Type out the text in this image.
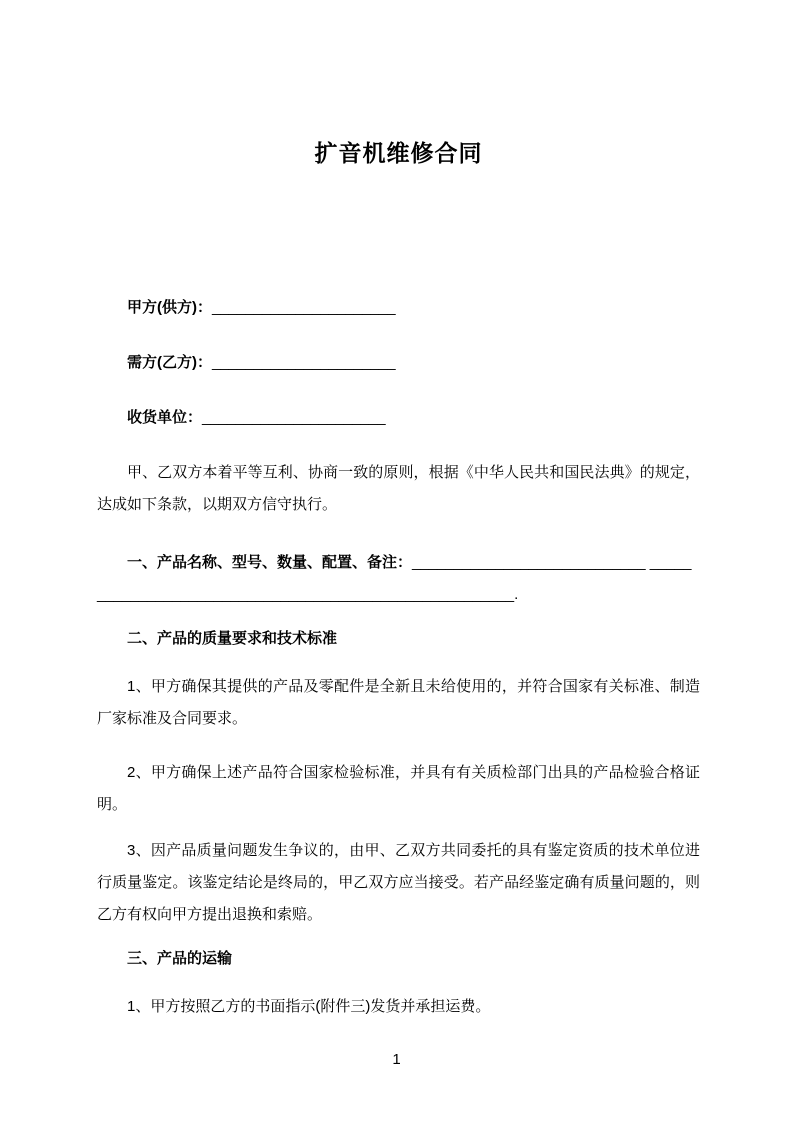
扩音机维修合同

甲方(供方)：______________________

需方(乙方)：______________________

收货单位：______________________

甲、乙双方本着平等互利、协商一致的原则，根据《中华人民共和国民法典》的规定，达成如下条款，以期双方信守执行。

一、产品名称、型号、数量、配置、备注：____________________________ _____
__________________________________________________.

二、产品的质量要求和技术标准

1、甲方确保其提供的产品及零配件是全新且未给使用的，并符合国家有关标准、制造厂家标准及合同要求。

2、甲方确保上述产品符合国家检验标准，并具有有关质检部门出具的产品检验合格证明。

3、因产品质量问题发生争议的，由甲、乙双方共同委托的具有鉴定资质的技术单位进行质量鉴定。该鉴定结论是终局的，甲乙双方应当接受。若产品经鉴定确有质量问题的，则乙方有权向甲方提出退换和索赔。

三、产品的运输

1、甲方按照乙方的书面指示(附件三)发货并承担运费。

1
